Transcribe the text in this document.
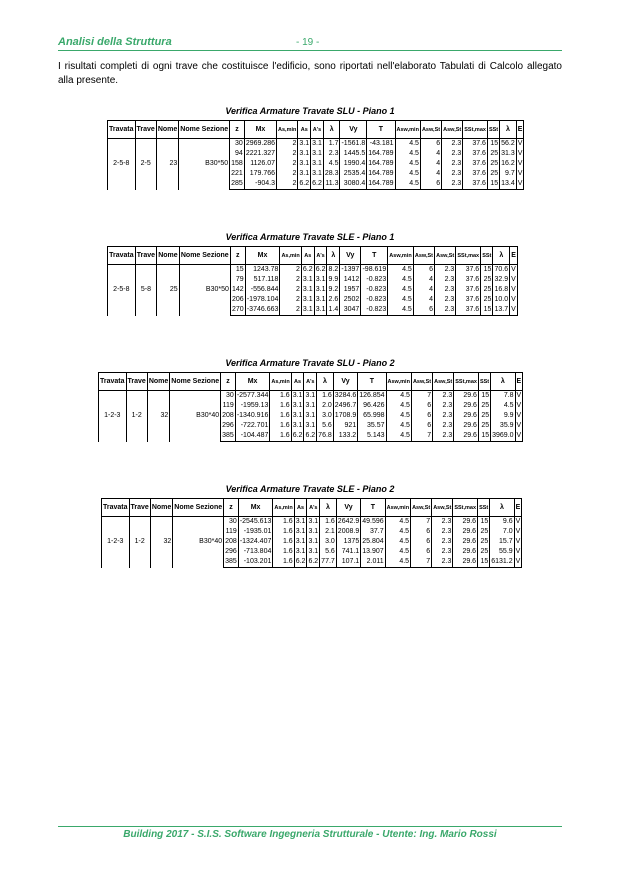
Analisi della Struttura	- 19 -
I risultati completi di ogni trave che costituisce l'edificio, sono riportati nell'elaborato Tabulati di Calcolo allegato alla presente.
Verifica Armature Travate SLU - Piano 1
Travata	Trave	Nome	Nome Sezione	z	Mx	As,min	As	A's	λ	Vy	T	Asw,min	Asw,St	Asw,St	SSt,max	SSt	λ	E
2-5-8	2-5	23	B30*50	30	2969.286	2	3.1	3.1	1.7	-1561.8	-43.181	4.5	6	2.3	37.6	15	56.2	V
				94	2221.327	2	3.1	3.1	2.3	1445.5	164.789	4.5	4	2.3	37.6	25	31.3	V
				158	1126.07	2	3.1	3.1	4.5	1990.4	164.789	4.5	4	2.3	37.6	25	16.2	V
				221	179.766	2	3.1	3.1	28.3	2535.4	164.789	4.5	4	2.3	37.6	25	9.7	V
				285	-904.3	2	6.2	6.2	11.3	3080.4	164.789	4.5	6	2.3	37.6	15	13.4	V
Verifica Armature Travate SLE - Piano 1
Travata	Trave	Nome	Nome Sezione	z	Mx	As,min	As	A's	λ	Vy	T	Asw,min	Asw,St	Asw,St	SSt,max	SSt	λ	E
2-5-8	5-8	25	B30*50	15	1243.78	2	6.2	6.2	8.2	-1397	-98.619	4.5	6	2.3	37.6	15	70.6	V
				79	517.118	2	3.1	3.1	9.9	1412	-0.823	4.5	4	2.3	37.6	25	32.9	V
				142	-556.844	2	3.1	3.1	9.2	1957	-0.823	4.5	4	2.3	37.6	25	16.8	V
				206	-1978.104	2	3.1	3.1	2.6	2502	-0.823	4.5	4	2.3	37.6	25	10.0	V
				270	-3746.663	2	3.1	3.1	1.4	3047	-0.823	4.5	6	2.3	37.6	15	13.7	V
Verifica Armature Travate SLU - Piano 2
Travata	Trave	Nome	Nome Sezione	z	Mx	As,min	As	A's	λ	Vy	T	Asw,min	Asw,St	Asw,St	SSt,max	SSt	λ	E
1-2-3	1-2	32	B30*40	30	-2577.344	1.6	3.1	3.1	1.6	3284.6	126.854	4.5	7	2.3	29.6	15	7.8	V
				119	-1959.13	1.6	3.1	3.1	2.0	2496.7	96.426	4.5	6	2.3	29.6	25	4.5	V
				208	-1340.916	1.6	3.1	3.1	3.0	1708.9	65.998	4.5	6	2.3	29.6	25	9.9	V
				296	-722.701	1.6	3.1	3.1	5.6	921	35.57	4.5	6	2.3	29.6	25	35.9	V
				385	-104.487	1.6	6.2	6.2	76.8	133.2	5.143	4.5	7	2.3	29.6	15	3969.0	V
Verifica Armature Travate SLE - Piano 2
Travata	Trave	Nome	Nome Sezione	z	Mx	As,min	As	A's	λ	Vy	T	Asw,min	Asw,St	Asw,St	SSt,max	SSt	λ	E
1-2-3	1-2	32	B30*40	30	-2545.613	1.6	3.1	3.1	1.6	2642.9	49.596	4.5	7	2.3	29.6	15	9.6	V
				119	-1935.01	1.6	3.1	3.1	2.1	2008.9	37.7	4.5	6	2.3	29.6	25	7.0	V
				208	-1324.407	1.6	3.1	3.1	3.0	1375	25.804	4.5	6	2.3	29.6	25	15.7	V
				296	-713.804	1.6	3.1	3.1	5.6	741.1	13.907	4.5	6	2.3	29.6	25	55.9	V
				385	-103.201	1.6	6.2	6.2	77.7	107.1	2.011	4.5	7	2.3	29.6	15	6131.2	V
Building 2017 - S.I.S. Software Ingegneria Strutturale - Utente: Ing. Mario Rossi
